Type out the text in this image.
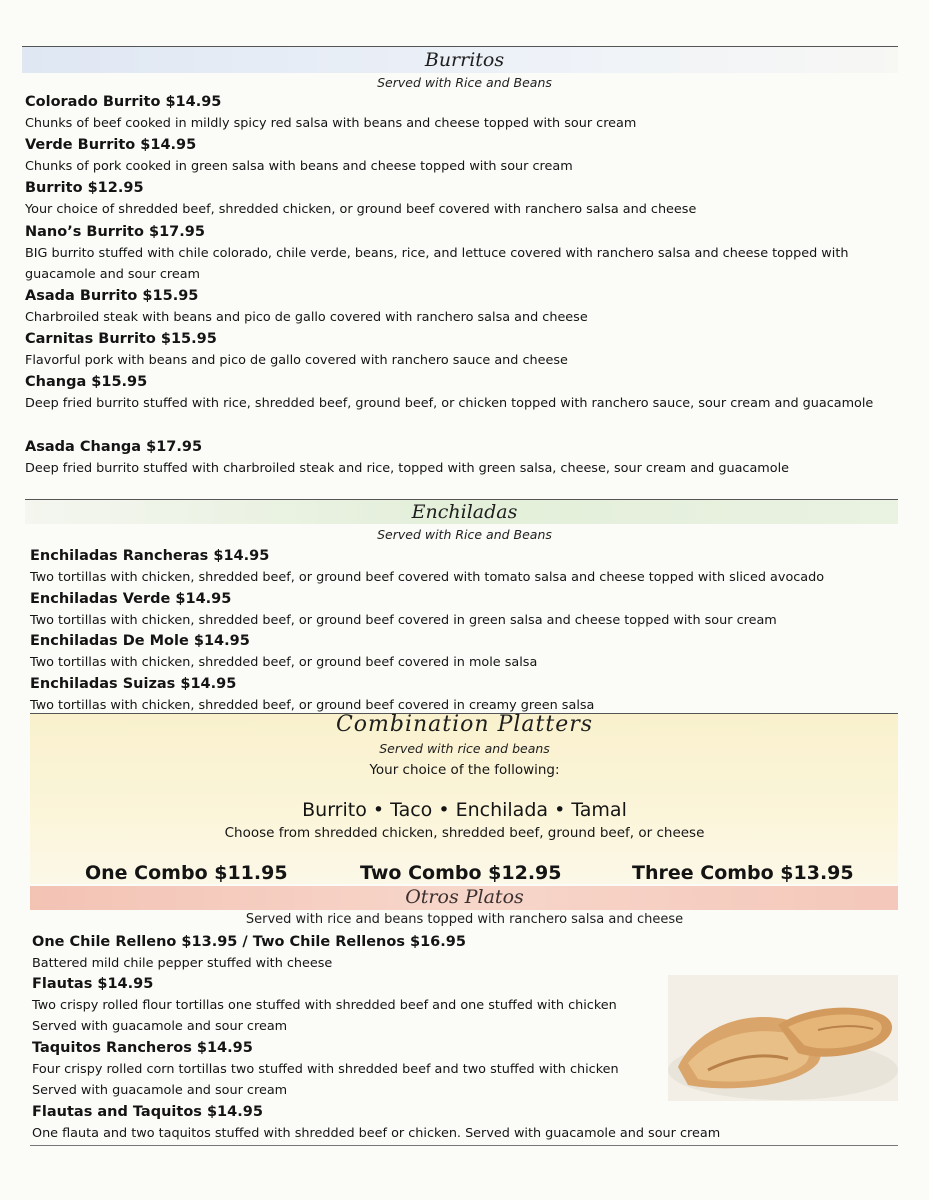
Burritos
Served with Rice and Beans

Colorado Burrito $14.95

Chunks of beef cooked in mildly spicy red salsa with beans and cheese topped with sour cream

Verde Burrito $14.95

Chunks of pork cooked in green salsa with beans and cheese topped with sour cream

Burrito $12.95

Your choice of shredded beef, shredded chicken, or ground beef covered with ranchero salsa and cheese

Nano’s Burrito $17.95

BIG burrito stuffed with chile colorado, chile verde, beans, rice, and lettuce covered with ranchero salsa and cheese topped with guacamole and sour cream

Asada Burrito $15.95

Charbroiled steak with beans and pico de gallo covered with ranchero salsa and cheese

Carnitas Burrito $15.95

Flavorful pork with beans and pico de gallo covered with ranchero sauce and cheese

Changa $15.95

Deep fried burrito stuffed with rice, shredded beef, ground beef, or chicken topped with ranchero sauce, sour cream and guacamole

Asada Changa $17.95

Deep fried burrito stuffed with charbroiled steak and rice, topped with green salsa, cheese, sour cream and guacamole

Enchiladas
Served with Rice and Beans

Enchiladas Rancheras $14.95

Two tortillas with chicken, shredded beef, or ground beef covered with tomato salsa and cheese topped with sliced avocado

Enchiladas Verde $14.95

Two tortillas with chicken, shredded beef, or ground beef covered in green salsa and cheese topped with sour cream

Enchiladas De Mole $14.95

Two tortillas with chicken, shredded beef, or ground beef covered in mole salsa

Enchiladas Suizas $14.95

Two tortillas with chicken, shredded beef, or ground beef covered in creamy green salsa

Combination Platters
Served with rice and beans
Your choice of the following:
Burrito • Taco • Enchilada • Tamal
Choose from shredded chicken, shredded beef, ground beef, or cheese
One Combo $11.95	Two Combo $12.95	Three Combo $13.95
Otros Platos
Served with rice and beans topped with ranchero salsa and cheese

One Chile Relleno $13.95 / Two Chile Rellenos $16.95

Battered mild chile pepper stuffed with cheese

Flautas $14.95

Two crispy rolled flour tortillas one stuffed with shredded beef and one stuffed with chicken

Served with guacamole and sour cream

Taquitos Rancheros $14.95

Four crispy rolled corn tortillas two stuffed with shredded beef and two stuffed with chicken

Served with guacamole and sour cream

Flautas and Taquitos $14.95

One flauta and two taquitos stuffed with shredded beef or chicken. Served with guacamole and sour cream
